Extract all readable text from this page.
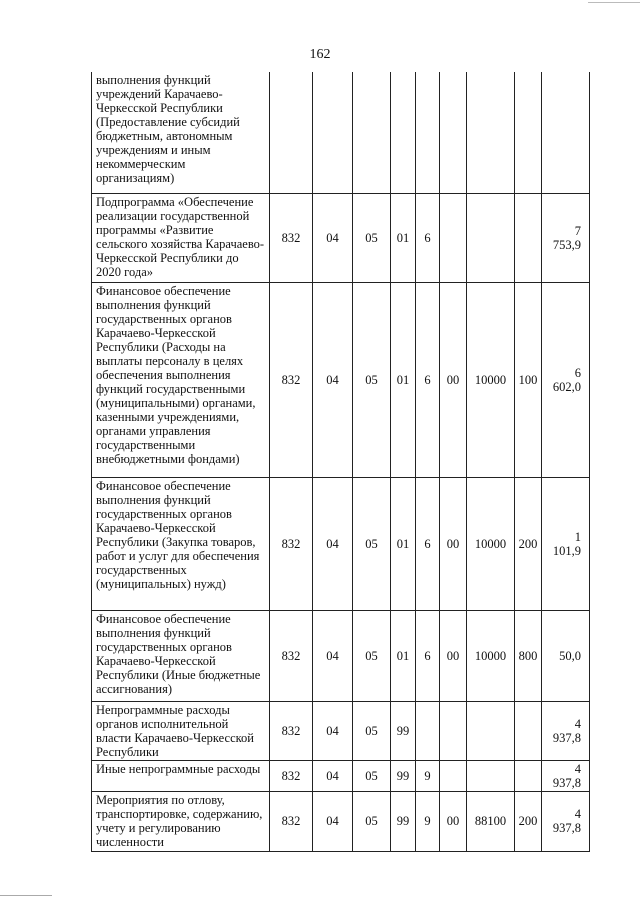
162
выполнения функций учреждений Карачаево-Черкесской Республики (Предоставление субсидий бюджетным, автономным учреждениям и иным некоммерческим организациям)									
Подпрограмма «Обеспечение реализации государственной программы «Развитие сельского хозяйства Карачаево-Черкесской Республики до 2020 года»	832	04	05	01	6				7 753,9
Финансовое обеспечение выполнения функций государственных органов Карачаево-Черкесской Республики (Расходы на выплаты персоналу в целях обеспечения выполнения функций государственными (муниципальными) органами, казенными учреждениями, органами управления государственными внебюджетными фондами)	832	04	05	01	6	00	10000	100	6 602,0
Финансовое обеспечение выполнения функций государственных органов Карачаево-Черкесской Республики (Закупка товаров, работ и услуг для обеспечения государственных (муниципальных) нужд)	832	04	05	01	6	00	10000	200	1 101,9
Финансовое обеспечение выполнения функций государственных органов Карачаево-Черкесской Республики (Иные бюджетные ассигнования)	832	04	05	01	6	00	10000	800	50,0
Непрограммные расходы органов исполнительной власти Карачаево-Черкесской Республики	832	04	05	99					4 937,8
Иные непрограммные расходы	832	04	05	99	9				4 937,8
Мероприятия по отлову, транспортировке, содержанию, учету и регулированию численности	832	04	05	99	9	00	88100	200	4 937,8
